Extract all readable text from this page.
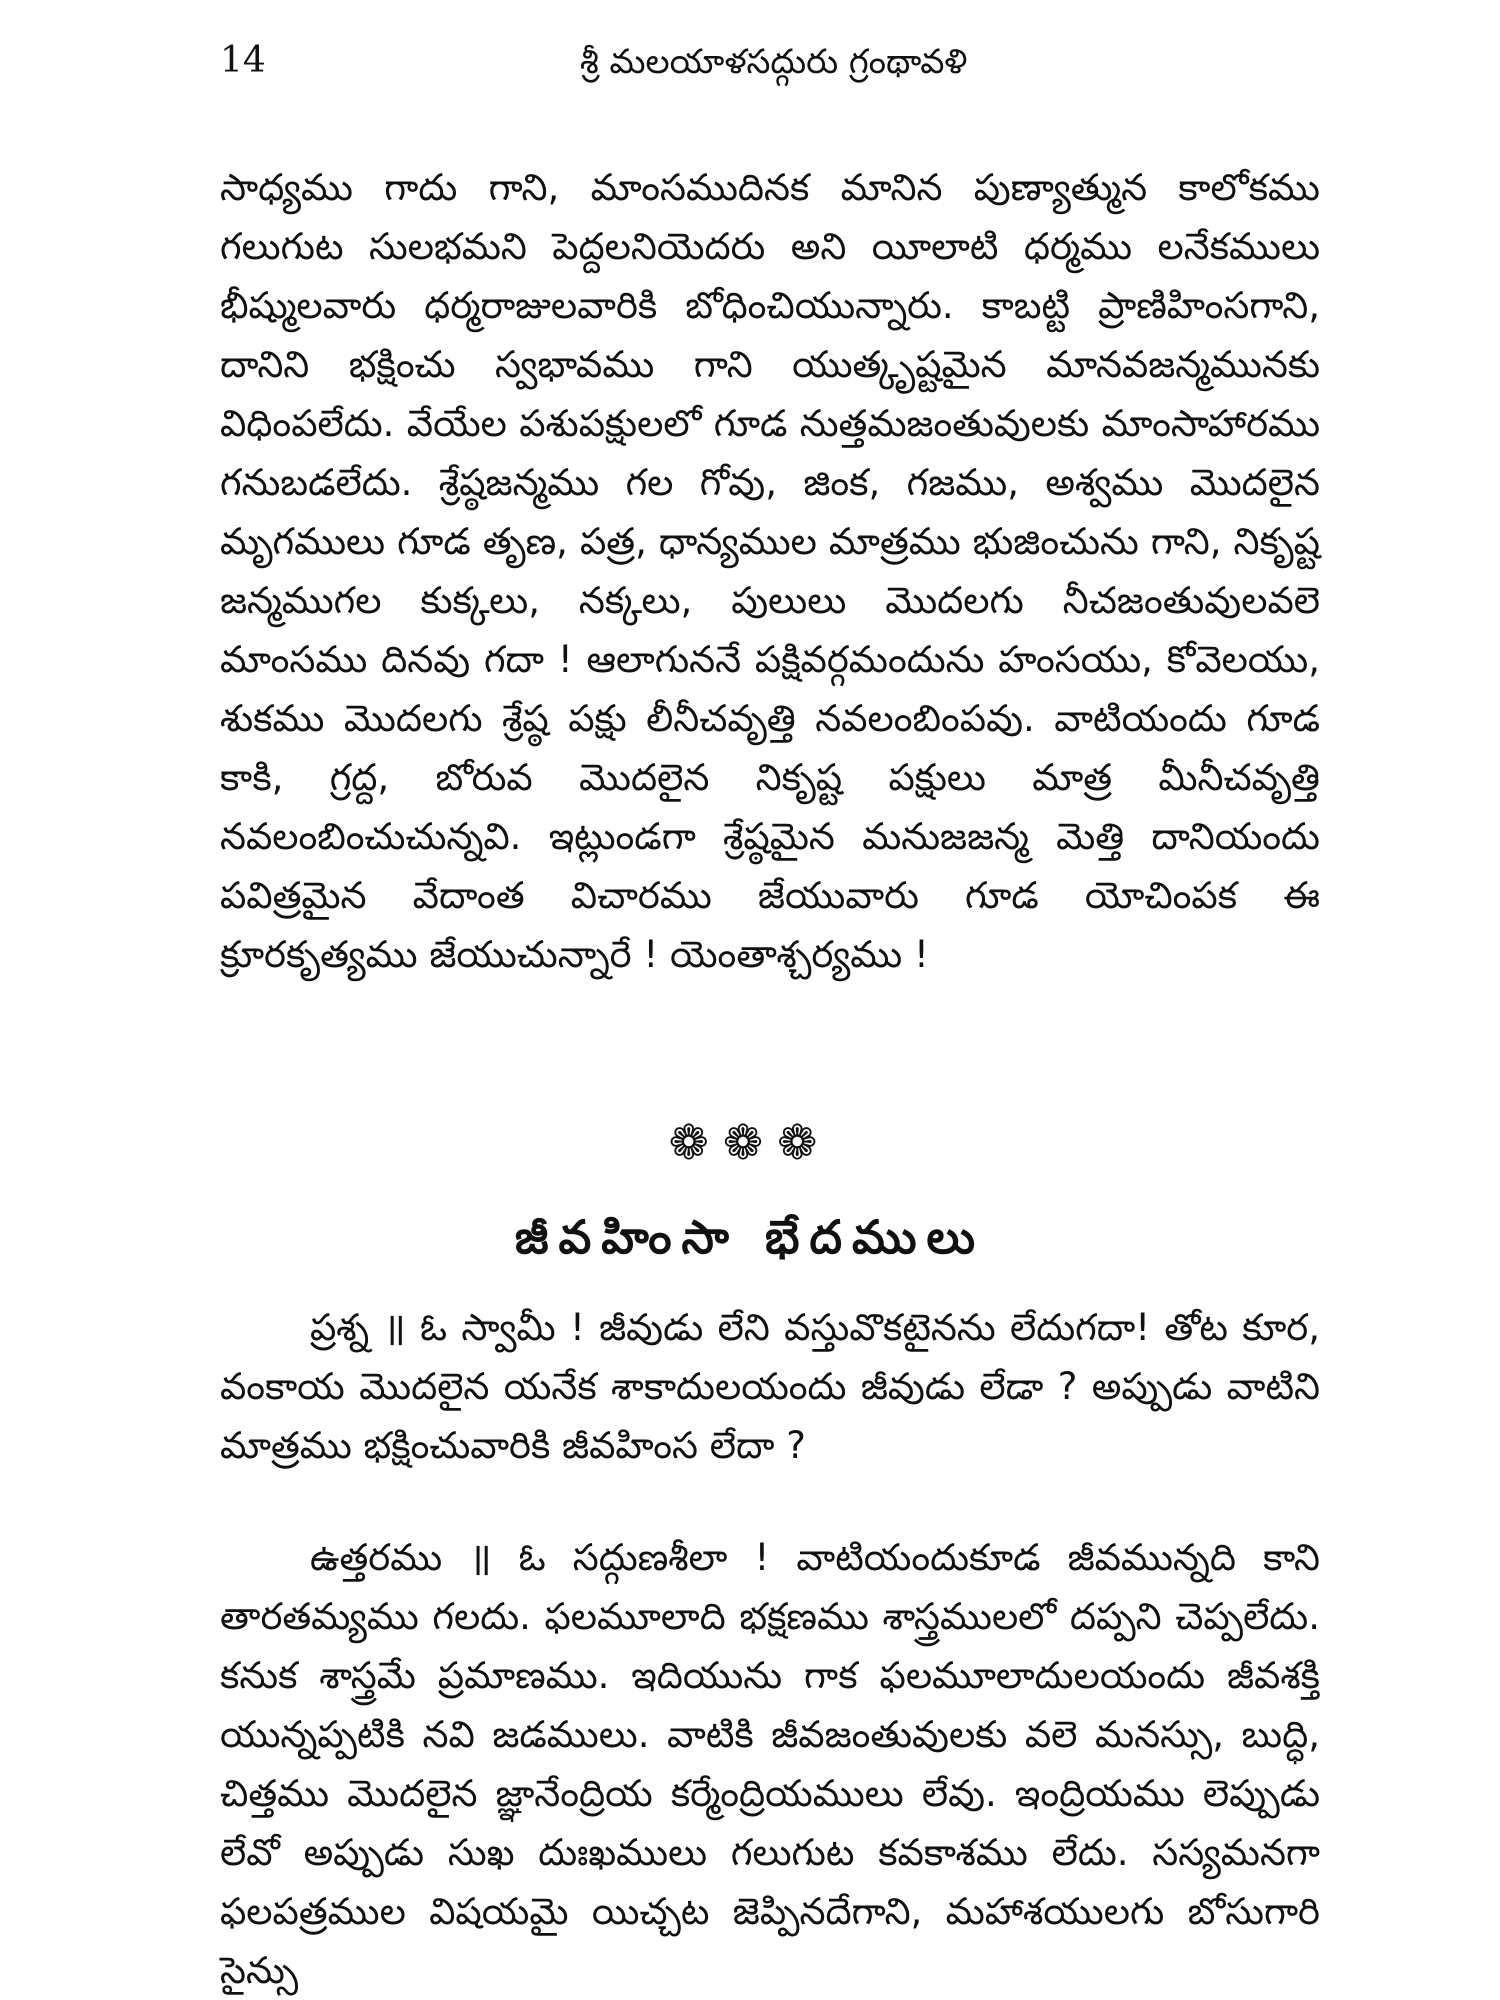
14	శ్రీ మలయాళసద్గురు గ్రంథావళి

సాధ్యము గాదు గాని, మాంసముదినక మానిన పుణ్యాత్మున కాలోకము గలుగుట సులభమని పెద్దలనియెదరు అని యీలాటి ధర్మము లనేకములు భీష్ములవారు ధర్మరాజులవారికి బోధించియున్నారు. కాబట్టి ప్రాణిహింసగాని, దానిని భక్షించు స్వభావము గాని యుత్కృష్టమైన మానవజన్మమునకు విధింపలేదు. వేయేల పశుపక్షులలో గూడ నుత్తమజంతువులకు మాంసాహారము గనుబడలేదు. శ్రేష్ఠజన్మము గల గోవు, జింక, గజము, అశ్వము మొదలైన మృగములు గూడ తృణ, పత్ర, ధాన్యముల మాత్రము భుజించును గాని, నికృష్ట జన్మముగల కుక్కలు, నక్కలు, పులులు మొదలగు నీచజంతువులవలె మాంసము దినవు గదా ! ఆలాగుననే పక్షివర్గమందును హంసయు, కోవెలయు, శుకము మొదలగు శ్రేష్ఠ పక్షు లీనీచవృత్తి నవలంబింపవు. వాటియందు గూడ కాకి, గ్రద్ద, బోరువ మొదలైన నికృష్ట పక్షులు మాత్ర మీనీచవృత్తి నవలంబించుచున్నవి. ఇట్లుండగా శ్రేష్ఠమైన మనుజజన్మ మెత్తి దానియందు పవిత్రమైన వేదాంత విచారము జేయువారు గూడ యోచింపక ఈ క్రూరకృత్యము జేయుచున్నారే ! యెంతాశ్చర్యము !

❁❁❁
జీవహింసా భేదములు

ప్రశ్న ॥ ఓ స్వామీ ! జీవుడు లేని వస్తువొకటైనను లేదుగదా! తోట కూర, వంకాయ మొదలైన యనేక శాకాదులయందు జీవుడు లేడా ? అప్పుడు వాటిని మాత్రము భక్షించువారికి జీవహింస లేదా ?

ఉత్తరము ॥ ఓ సద్గుణశీలా ! వాటియందుకూడ జీవమున్నది కాని తారతమ్యము గలదు. ఫలమూలాది భక్షణము శాస్త్రములలో దప్పని చెప్పలేదు. కనుక శాస్త్రమే ప్రమాణము. ఇదియును గాక ఫలమూలాదులయందు జీవశక్తి యున్నప్పటికి నవి జడములు. వాటికి జీవజంతువులకు వలె మనస్సు, బుద్ధి, చిత్తము మొదలైన జ్ఞానేంద్రియ కర్మేంద్రియములు లేవు. ఇంద్రియము లెప్పుడు లేవో అప్పుడు సుఖ దుఃఖములు గలుగుట కవకాశము లేదు. సస్యమనగా ఫలపత్రముల విషయమై యిచ్చట జెప్పినదేగాని, మహాశయులగు బోసుగారి సైన్సు
